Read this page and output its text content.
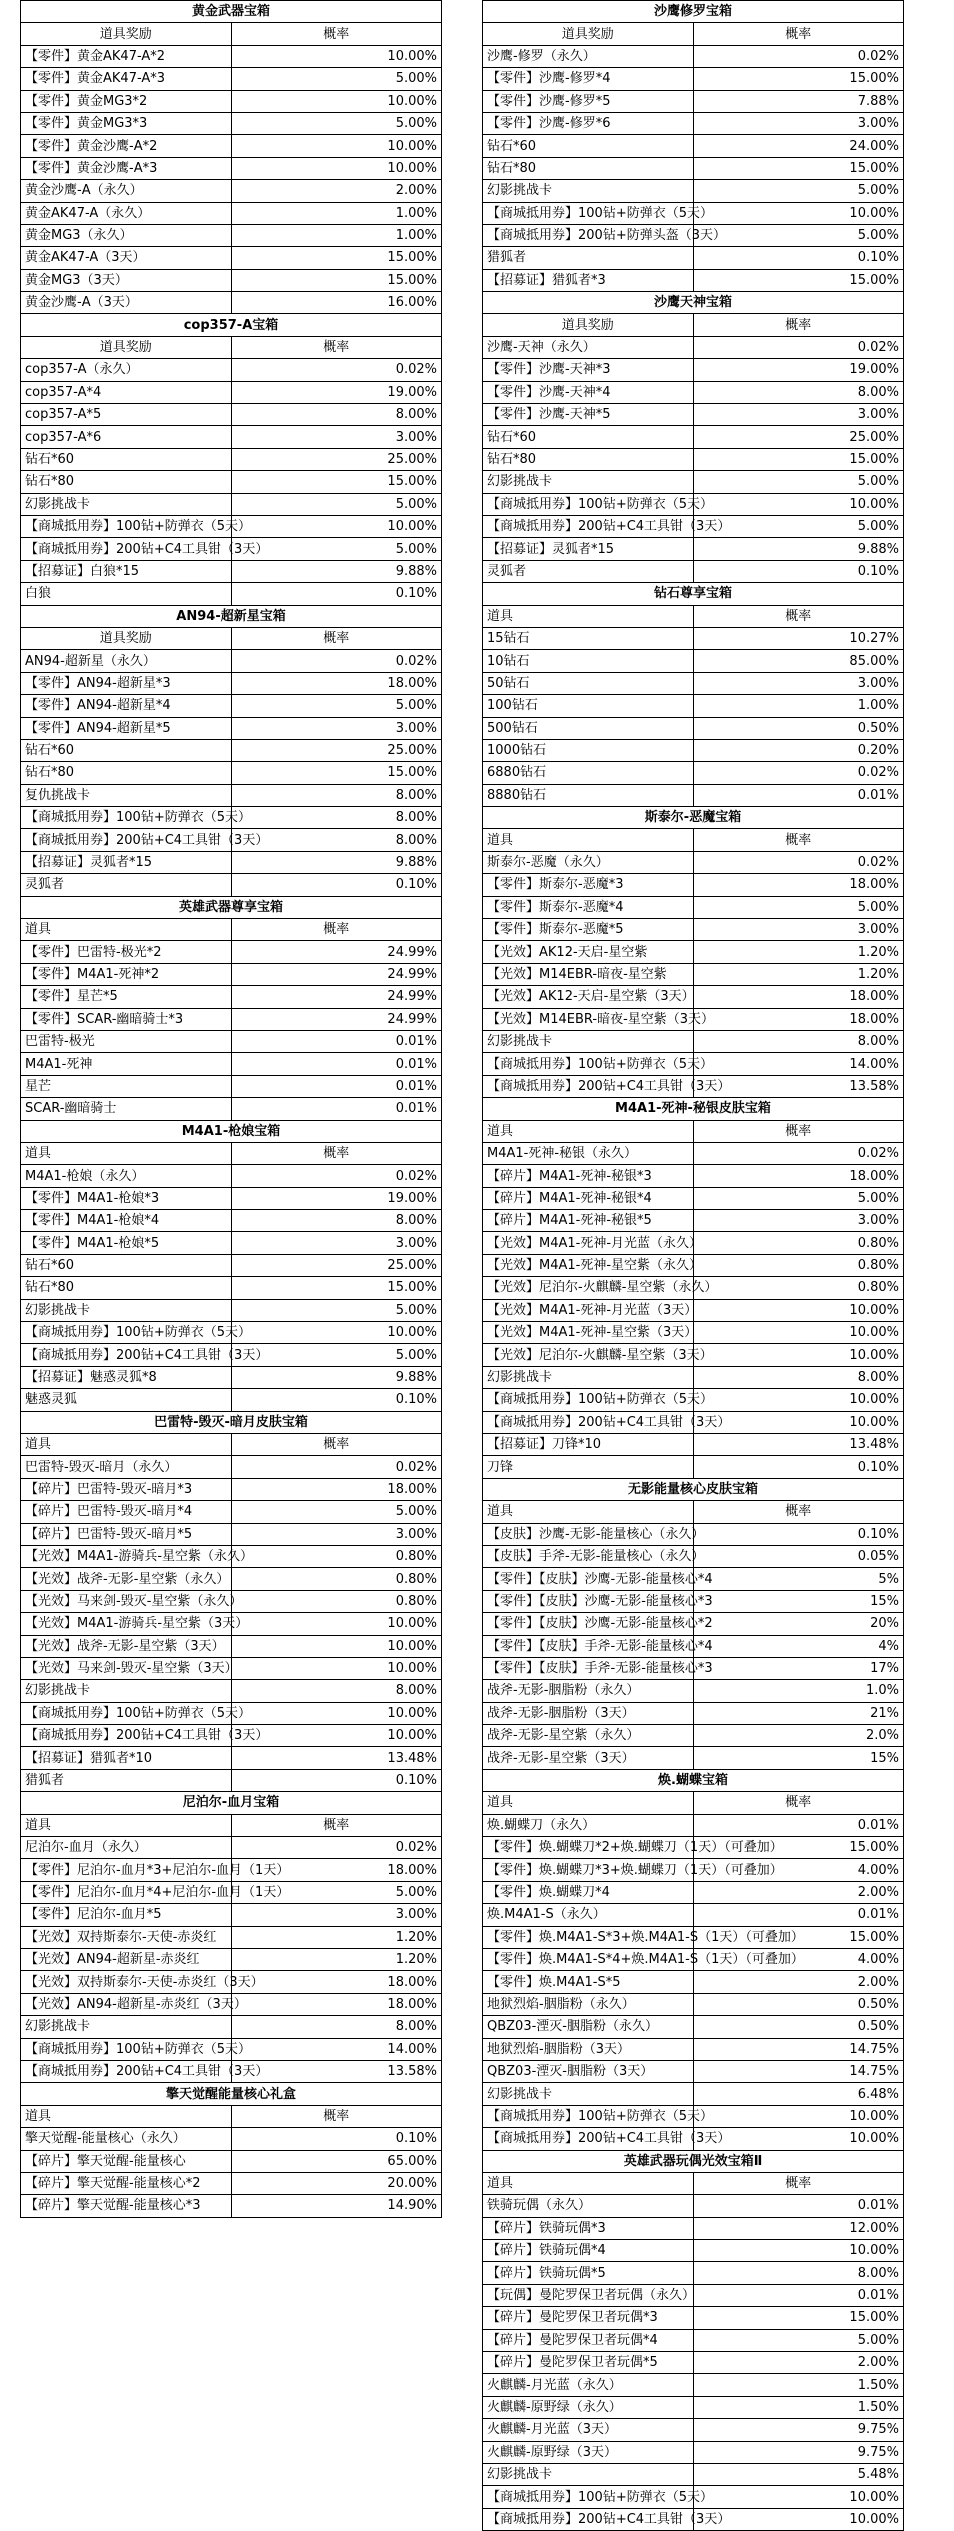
黄金武器宝箱	
道具奖励	概率
【零件】黄金AK47-A*2	10.00%
【零件】黄金AK47-A*3	5.00%
【零件】黄金MG3*2	10.00%
【零件】黄金MG3*3	5.00%
【零件】黄金沙鹰-A*2	10.00%
【零件】黄金沙鹰-A*3	10.00%
黄金沙鹰-A（永久）	2.00%
黄金AK47-A（永久）	1.00%
黄金MG3（永久）	1.00%
黄金AK47-A（3天）	15.00%
黄金MG3（3天）	15.00%
黄金沙鹰-A（3天）	16.00%
cop357-A宝箱	
道具奖励	概率
cop357-A（永久）	0.02%
cop357-A*4	19.00%
cop357-A*5	8.00%
cop357-A*6	3.00%
钻石*60	25.00%
钻石*80	15.00%
幻影挑战卡	5.00%
【商城抵用券】100钻+防弹衣（5天）	10.00%
【商城抵用券】200钻+C4工具钳（3天）	5.00%
【招募证】白狼*15	9.88%
白狼	0.10%
AN94-超新星宝箱	
道具奖励	概率
AN94-超新星（永久）	0.02%
【零件】AN94-超新星*3	18.00%
【零件】AN94-超新星*4	5.00%
【零件】AN94-超新星*5	3.00%
钻石*60	25.00%
钻石*80	15.00%
复仇挑战卡	8.00%
【商城抵用券】100钻+防弹衣（5天）	8.00%
【商城抵用券】200钻+C4工具钳（3天）	8.00%
【招募证】灵狐者*15	9.88%
灵狐者	0.10%
英雄武器尊享宝箱	
道具	概率
【零件】巴雷特-极光*2	24.99%
【零件】M4A1-死神*2	24.99%
【零件】星芒*5	24.99%
【零件】SCAR-幽暗骑士*3	24.99%
巴雷特-极光	0.01%
M4A1-死神	0.01%
星芒	0.01%
SCAR-幽暗骑士	0.01%
M4A1-枪娘宝箱	
道具	概率
M4A1-枪娘（永久）	0.02%
【零件】M4A1-枪娘*3	19.00%
【零件】M4A1-枪娘*4	8.00%
【零件】M4A1-枪娘*5	3.00%
钻石*60	25.00%
钻石*80	15.00%
幻影挑战卡	5.00%
【商城抵用券】100钻+防弹衣（5天）	10.00%
【商城抵用券】200钻+C4工具钳（3天）	5.00%
【招募证】魅惑灵狐*8	9.88%
魅惑灵狐	0.10%
巴雷特-毁灭-暗月皮肤宝箱	
道具	概率
巴雷特-毁灭-暗月（永久）	0.02%
【碎片】巴雷特-毁灭-暗月*3	18.00%
【碎片】巴雷特-毁灭-暗月*4	5.00%
【碎片】巴雷特-毁灭-暗月*5	3.00%
【光效】M4A1-游骑兵-星空紫（永久）	0.80%
【光效】战斧-无影-星空紫（永久）	0.80%
【光效】马来剑-毁灭-星空紫（永久）	0.80%
【光效】M4A1-游骑兵-星空紫（3天）	10.00%
【光效】战斧-无影-星空紫（3天）	10.00%
【光效】马来剑-毁灭-星空紫（3天）	10.00%
幻影挑战卡	8.00%
【商城抵用券】100钻+防弹衣（5天）	10.00%
【商城抵用券】200钻+C4工具钳（3天）	10.00%
【招募证】猎狐者*10	13.48%
猎狐者	0.10%
尼泊尔-血月宝箱	
道具	概率
尼泊尔-血月（永久）	0.02%
【零件】尼泊尔-血月*3+尼泊尔-血月（1天）	18.00%
【零件】尼泊尔-血月*4+尼泊尔-血月（1天）	5.00%
【零件】尼泊尔-血月*5	3.00%
【光效】双持斯泰尔-天使-赤炎红	1.20%
【光效】AN94-超新星-赤炎红	1.20%
【光效】双持斯泰尔-天使-赤炎红（3天）	18.00%
【光效】AN94-超新星-赤炎红（3天）	18.00%
幻影挑战卡	8.00%
【商城抵用券】100钻+防弹衣（5天）	14.00%
【商城抵用券】200钻+C4工具钳（3天）	13.58%
擎天觉醒能量核心礼盒	
道具	概率
擎天觉醒-能量核心（永久）	0.10%
【碎片】擎天觉醒-能量核心	65.00%
【碎片】擎天觉醒-能量核心*2	20.00%
【碎片】擎天觉醒-能量核心*3	14.90%
沙鹰修罗宝箱	
道具奖励	概率
沙鹰-修罗（永久）	0.02%
【零件】沙鹰-修罗*4	15.00%
【零件】沙鹰-修罗*5	7.88%
【零件】沙鹰-修罗*6	3.00%
钻石*60	24.00%
钻石*80	15.00%
幻影挑战卡	5.00%
【商城抵用券】100钻+防弹衣（5天）	10.00%
【商城抵用券】200钻+防弹头盔（3天）	5.00%
猎狐者	0.10%
【招募证】猎狐者*3	15.00%
沙鹰天神宝箱	
道具奖励	概率
沙鹰-天神（永久）	0.02%
【零件】沙鹰-天神*3	19.00%
【零件】沙鹰-天神*4	8.00%
【零件】沙鹰-天神*5	3.00%
钻石*60	25.00%
钻石*80	15.00%
幻影挑战卡	5.00%
【商城抵用券】100钻+防弹衣（5天）	10.00%
【商城抵用券】200钻+C4工具钳（3天）	5.00%
【招募证】灵狐者*15	9.88%
灵狐者	0.10%
钻石尊享宝箱	
道具	概率
15钻石	10.27%
10钻石	85.00%
50钻石	3.00%
100钻石	1.00%
500钻石	0.50%
1000钻石	0.20%
6880钻石	0.02%
8880钻石	0.01%
斯泰尔-恶魔宝箱	
道具	概率
斯泰尔-恶魔（永久）	0.02%
【零件】斯泰尔-恶魔*3	18.00%
【零件】斯泰尔-恶魔*4	5.00%
【零件】斯泰尔-恶魔*5	3.00%
【光效】AK12-天启-星空紫	1.20%
【光效】M14EBR-暗夜-星空紫	1.20%
【光效】AK12-天启-星空紫（3天）	18.00%
【光效】M14EBR-暗夜-星空紫（3天）	18.00%
幻影挑战卡	8.00%
【商城抵用券】100钻+防弹衣（5天）	14.00%
【商城抵用券】200钻+C4工具钳（3天）	13.58%
M4A1-死神-秘银皮肤宝箱	
道具	概率
M4A1-死神-秘银（永久）	0.02%
【碎片】M4A1-死神-秘银*3	18.00%
【碎片】M4A1-死神-秘银*4	5.00%
【碎片】M4A1-死神-秘银*5	3.00%
【光效】M4A1-死神-月光蓝（永久）	0.80%
【光效】M4A1-死神-星空紫（永久）	0.80%
【光效】尼泊尔-火麒麟-星空紫（永久）	0.80%
【光效】M4A1-死神-月光蓝（3天）	10.00%
【光效】M4A1-死神-星空紫（3天）	10.00%
【光效】尼泊尔-火麒麟-星空紫（3天）	10.00%
幻影挑战卡	8.00%
【商城抵用券】100钻+防弹衣（5天）	10.00%
【商城抵用券】200钻+C4工具钳（3天）	10.00%
【招募证】刀锋*10	13.48%
刀锋	0.10%
无影能量核心皮肤宝箱	
道具	概率
【皮肤】沙鹰-无影-能量核心（永久）	0.10%
【皮肤】手斧-无影-能量核心（永久）	0.05%
【零件】【皮肤】沙鹰-无影-能量核心*4	5%
【零件】【皮肤】沙鹰-无影-能量核心*3	15%
【零件】【皮肤】沙鹰-无影-能量核心*2	20%
【零件】【皮肤】手斧-无影-能量核心*4	4%
【零件】【皮肤】手斧-无影-能量核心*3	17%
战斧-无影-胭脂粉（永久）	1.0%
战斧-无影-胭脂粉（3天）	21%
战斧-无影-星空紫（永久）	2.0%
战斧-无影-星空紫（3天）	15%
焕.蝴蝶宝箱	
道具	概率
焕.蝴蝶刀（永久）	0.01%
【零件】焕.蝴蝶刀*2+焕.蝴蝶刀（1天）（可叠加）	15.00%
【零件】焕.蝴蝶刀*3+焕.蝴蝶刀（1天）（可叠加）	4.00%
【零件】焕.蝴蝶刀*4	2.00%
焕.M4A1-S（永久）	0.01%
【零件】焕.M4A1-S*3+焕.M4A1-S（1天）（可叠加）	15.00%
【零件】焕.M4A1-S*4+焕.M4A1-S（1天）（可叠加）	4.00%
【零件】焕.M4A1-S*5	2.00%
地狱烈焰-胭脂粉（永久）	0.50%
QBZ03-湮灭-胭脂粉（永久）	0.50%
地狱烈焰-胭脂粉（3天）	14.75%
QBZ03-湮灭-胭脂粉（3天）	14.75%
幻影挑战卡	6.48%
【商城抵用券】100钻+防弹衣（5天）	10.00%
【商城抵用券】200钻+C4工具钳（3天）	10.00%
英雄武器玩偶光效宝箱Ⅱ	
道具	概率
铁骑玩偶（永久）	0.01%
【碎片】铁骑玩偶*3	12.00%
【碎片】铁骑玩偶*4	10.00%
【碎片】铁骑玩偶*5	8.00%
【玩偶】曼陀罗保卫者玩偶（永久）	0.01%
【碎片】曼陀罗保卫者玩偶*3	15.00%
【碎片】曼陀罗保卫者玩偶*4	5.00%
【碎片】曼陀罗保卫者玩偶*5	2.00%
火麒麟-月光蓝（永久）	1.50%
火麒麟-原野绿（永久）	1.50%
火麒麟-月光蓝（3天）	9.75%
火麒麟-原野绿（3天）	9.75%
幻影挑战卡	5.48%
【商城抵用券】100钻+防弹衣（5天）	10.00%
【商城抵用券】200钻+C4工具钳（3天）	10.00%
